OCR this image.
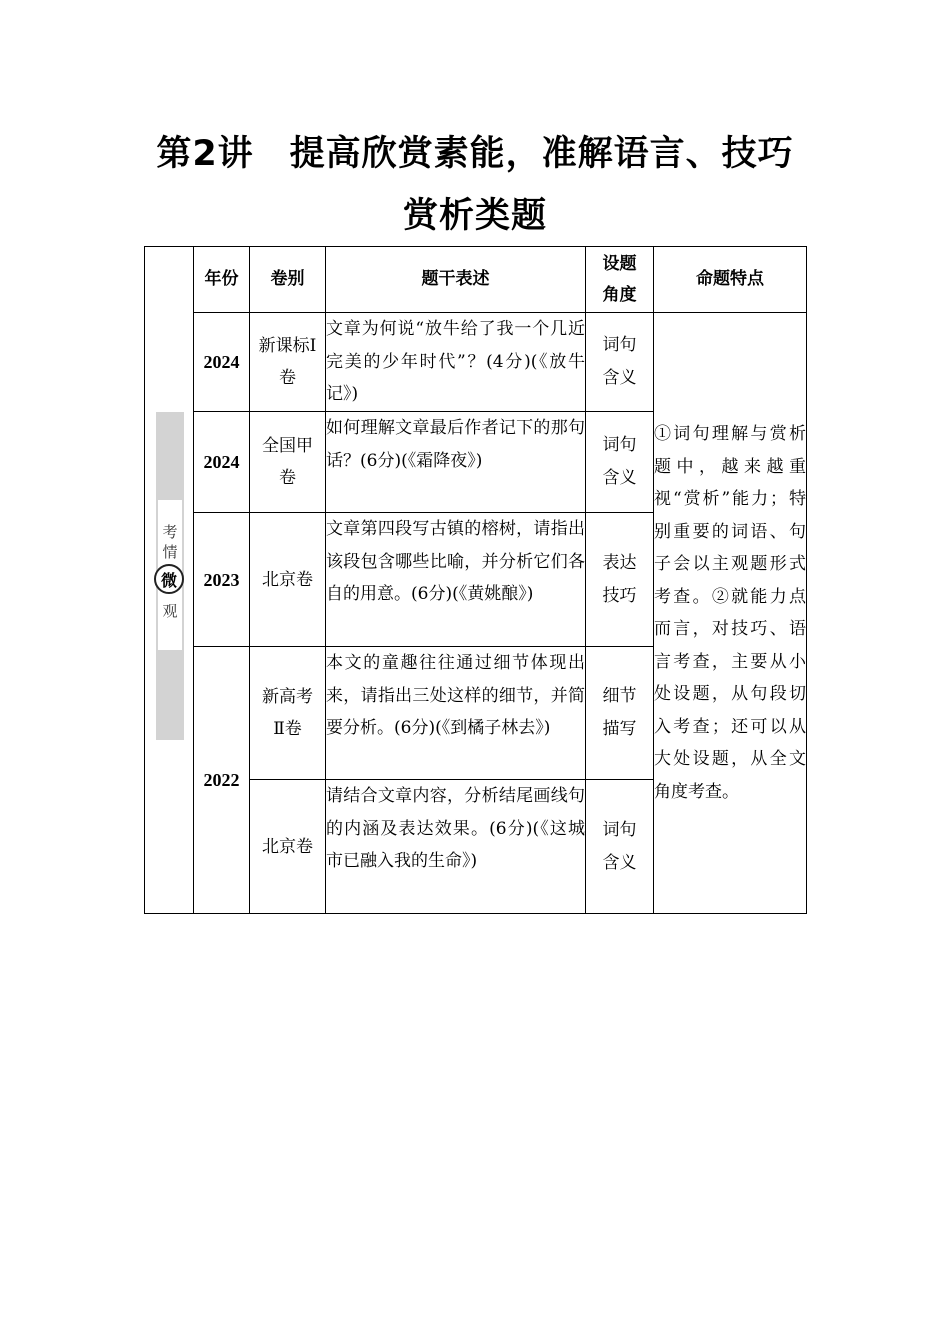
第2讲　提高欣赏素能，准解语言、技巧
赏析类题
考
情
微
观	年份	卷别	题干表述	设题角度	命题特点
	2024	新课标Ⅰ卷	文章为何说“放牛给了我一个几近完美的少年时代”？(4分)(《放牛记》)	词句含义	①词句理解与赏析题中，越来越重视“赏析”能力；特别重要的词语、句子会以主观题形式考查。②就能力点而言，对技巧、语言考查，主要从小处设题，从句段切入考查；还可以从大处设题，从全文角度考查。
	2024	全国甲卷	如何理解文章最后作者记下的那句话？(6分)(《霜降夜》)	词句含义	
	2023	北京卷	文章第四段写古镇的榕树，请指出该段包含哪些比喻，并分析它们各自的用意。(6分)(《黄姚酿》)	表达技巧	
	2022	新高考Ⅱ卷	本文的童趣往往通过细节体现出来，请指出三处这样的细节，并简要分析。(6分)(《到橘子林去》)	细节描写	
		北京卷	请结合文章内容，分析结尾画线句的内涵及表达效果。(6分)(《这城市已融入我的生命》)	词句含义	
